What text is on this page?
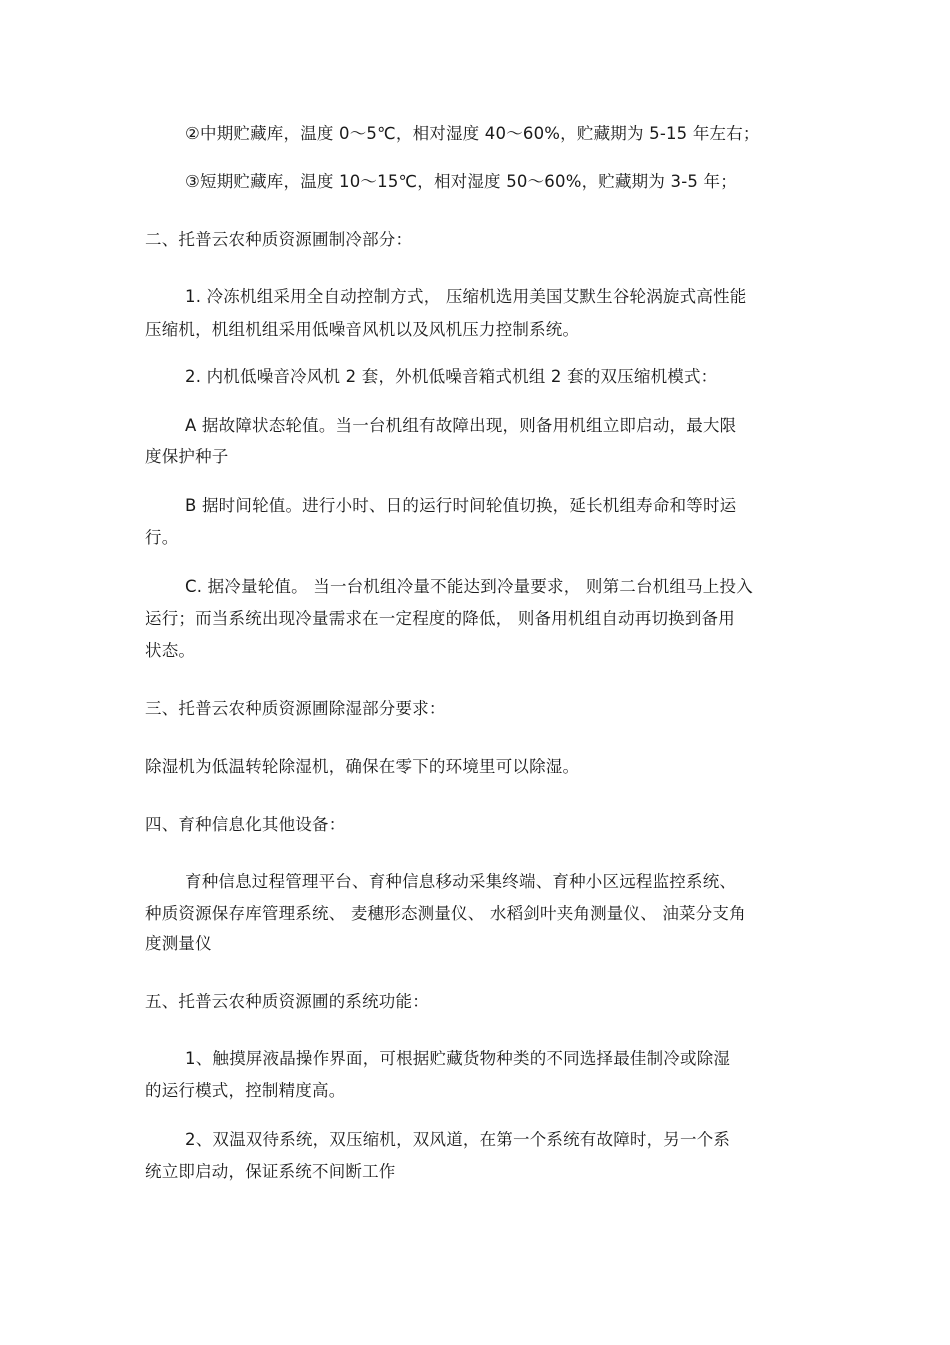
②中期贮藏库，温度 0～5℃，相对湿度 40～60%，贮藏期为 5-15 年左右；
③短期贮藏库，温度 10～15℃，相对湿度 50～60%，贮藏期为 3-5 年；
二、托普云农种质资源圃制冷部分：
1. 冷冻机组采用全自动控制方式， 压缩机选用美国艾默生谷轮涡旋式高性能
压缩机，机组机组采用低噪音风机以及风机压力控制系统。
2. 内机低噪音冷风机 2 套，外机低噪音箱式机组 2 套的双压缩机模式：
A 据故障状态轮值。当一台机组有故障出现，则备用机组立即启动，最大限
度保护种子
B 据时间轮值。进行小时、日的运行时间轮值切换，延长机组寿命和等时运
行。
C. 据冷量轮值。 当一台机组冷量不能达到冷量要求， 则第二台机组马上投入
运行；而当系统出现冷量需求在一定程度的降低， 则备用机组自动再切换到备用
状态。
三、托普云农种质资源圃除湿部分要求：
除湿机为低温转轮除湿机，确保在零下的环境里可以除湿。
四、育种信息化其他设备：
育种信息过程管理平台、育种信息移动采集终端、育种小区远程监控系统、
种质资源保存库管理系统、 麦穗形态测量仪、 水稻剑叶夹角测量仪、 油菜分支角
度测量仪
五、托普云农种质资源圃的系统功能：
1、触摸屏液晶操作界面，可根据贮藏货物种类的不同选择最佳制冷或除湿
的运行模式，控制精度高。
2、双温双待系统，双压缩机，双风道，在第一个系统有故障时，另一个系
统立即启动，保证系统不间断工作
